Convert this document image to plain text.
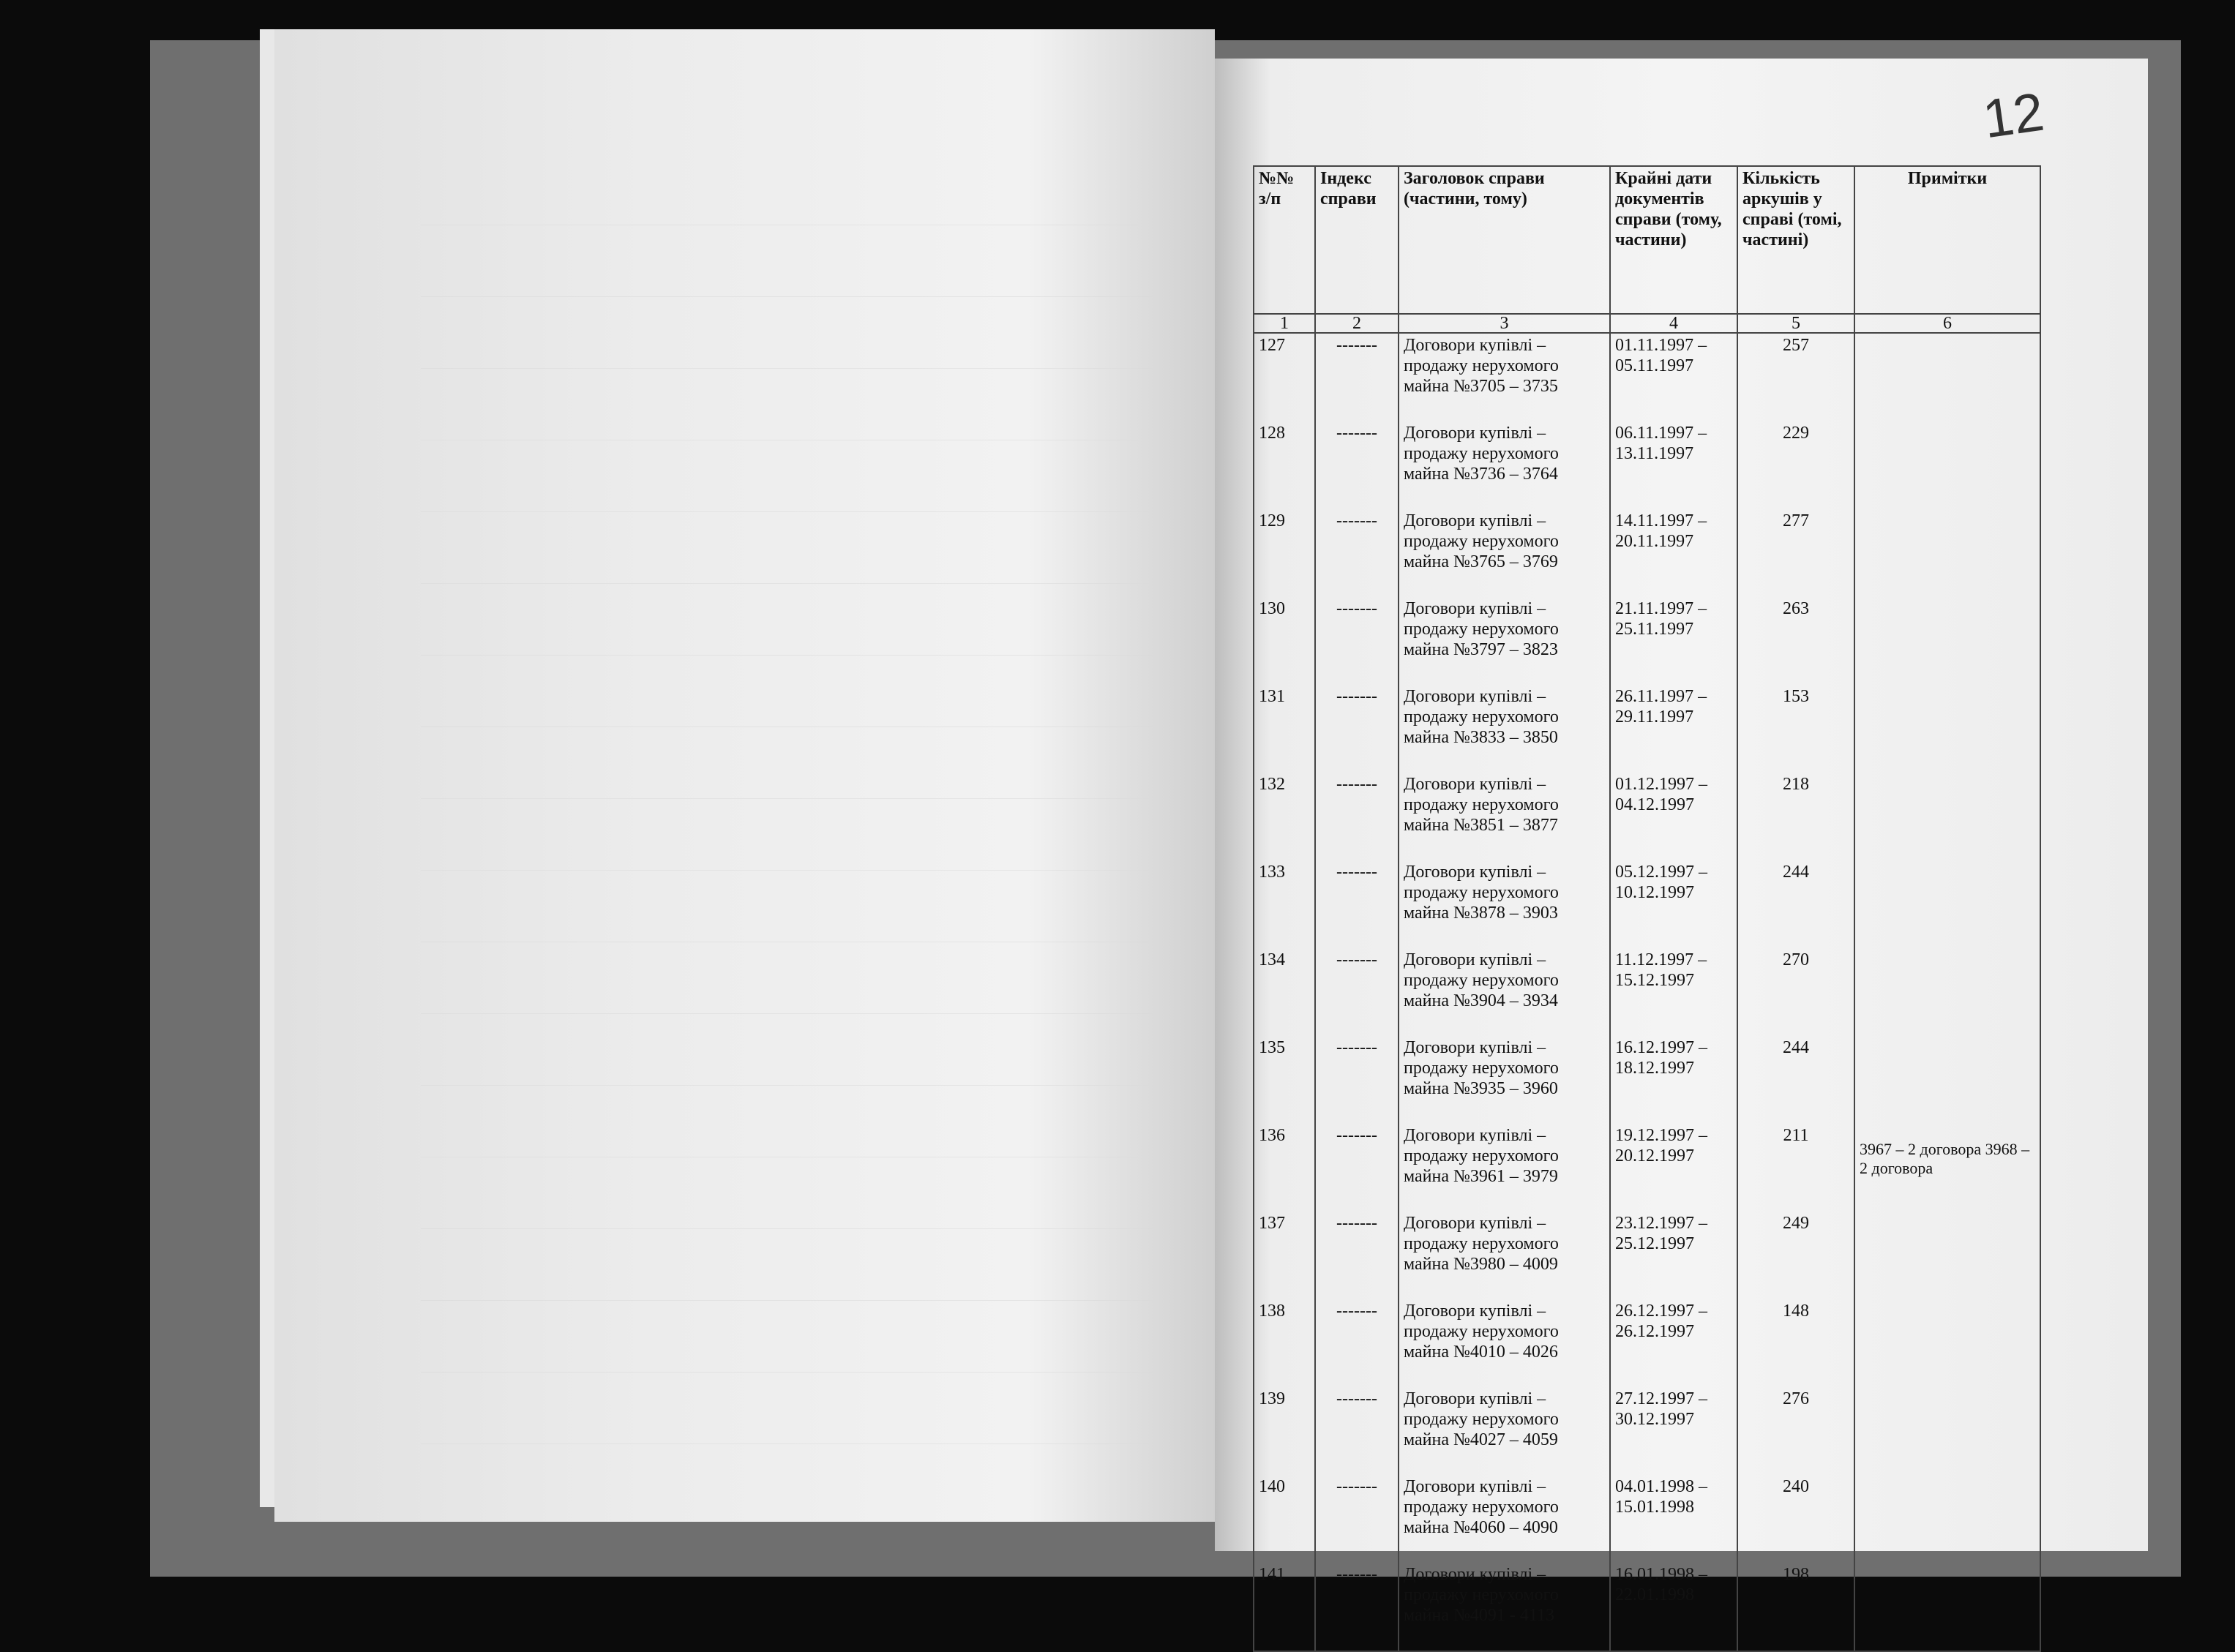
12
№№ з/п	Індекс справи	Заголовок справи (частини, тому)	Крайні дати документів справи (тому, частини)	Кількість аркушів у справі (томі, частині)	Примітки
1	2	3	4	5	6
127	-------	Договори купівлі – продажу нерухомого майна №3705 – 3735	01.11.1997 – 05.11.1997	257	
128	-------	Договори купівлі – продажу нерухомого майна №3736 – 3764	06.11.1997 – 13.11.1997	229	
129	-------	Договори купівлі – продажу нерухомого майна №3765 – 3769	14.11.1997 – 20.11.1997	277	
130	-------	Договори купівлі – продажу нерухомого майна №3797 – 3823	21.11.1997 – 25.11.1997	263	
131	-------	Договори купівлі – продажу нерухомого майна №3833 – 3850	26.11.1997 – 29.11.1997	153	
132	-------	Договори купівлі – продажу нерухомого майна №3851 – 3877	01.12.1997 – 04.12.1997	218	
133	-------	Договори купівлі – продажу нерухомого майна №3878 – 3903	05.12.1997 – 10.12.1997	244	
134	-------	Договори купівлі – продажу нерухомого майна №3904 – 3934	11.12.1997 – 15.12.1997	270	
135	-------	Договори купівлі – продажу нерухомого майна №3935 – 3960	16.12.1997 – 18.12.1997	244	
136	-------	Договори купівлі – продажу нерухомого майна №3961 – 3979	19.12.1997 – 20.12.1997	211	3967 – 2 договора 3968 – 2 договора
137	-------	Договори купівлі – продажу нерухомого майна №3980 – 4009	23.12.1997 – 25.12.1997	249	
138	-------	Договори купівлі – продажу нерухомого майна №4010 – 4026	26.12.1997 – 26.12.1997	148	
139	-------	Договори купівлі – продажу нерухомого майна №4027 – 4059	27.12.1997 – 30.12.1997	276	
140	-------	Договори купівлі – продажу нерухомого майна №4060 – 4090	04.01.1998 – 15.01.1998	240	
141	-------	Договори купівлі – продажу нерухомого майна №4091 - 4113	16.01.1998 – 22.01.1998	198	
